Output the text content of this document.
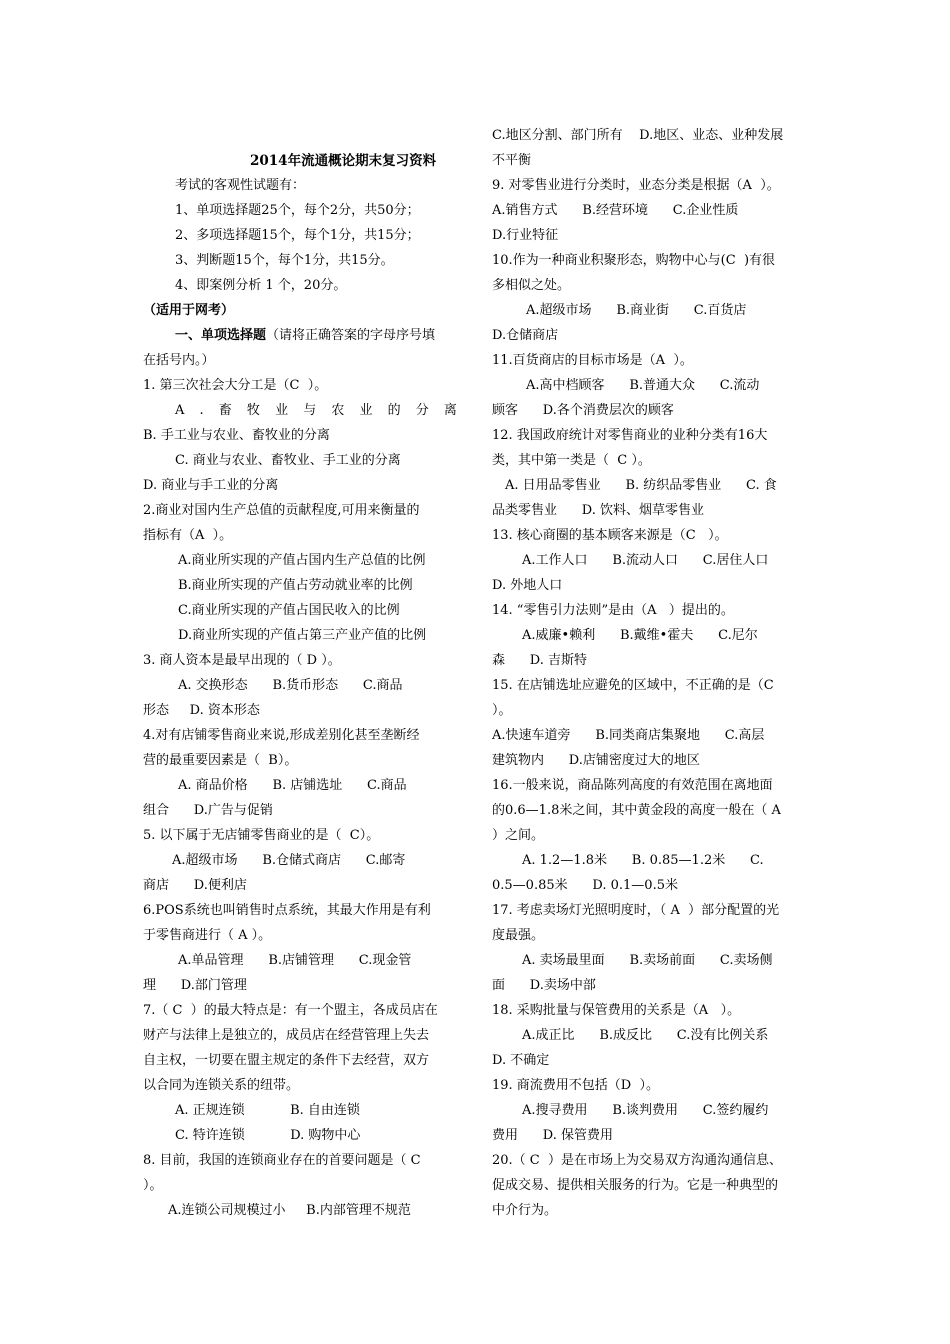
2014年流通概论期末复习资料
考试的客观性试题有：
1、单项选择题25个，每个2分，共50分；
2、多项选择题15个，每个1分，共15分；
3、判断题15个，每个1分，共15分。
4、即案例分析 1 个，20分。
（适用于网考）
一、单项选择题（请将正确答案的字母序号填
在括号内。）
1. 第三次社会大分工是（C  ）。
A . 畜 牧 业 与 农 业 的 分 离
B. 手工业与农业、畜牧业的分离
C. 商业与农业、畜牧业、手工业的分离
D. 商业与手工业的分离
2.商业对国内生产总值的贡献程度,可用来衡量的
指标有（A  ）。
A.商业所实现的产值占国内生产总值的比例
B.商业所实现的产值占劳动就业率的比例
C.商业所实现的产值占国民收入的比例
D.商业所实现的产值占第三产业产值的比例
3. 商人资本是最早出现的（ D ）。
A. 交换形态      B.货币形态      C.商品
形态     D. 资本形态
4.对有店铺零售商业来说,形成差别化甚至垄断经
营的最重要因素是（  B）。
A. 商品价格      B. 店铺选址      C.商品
组合      D.广告与促销
5. 以下属于无店铺零售商业的是（  C）。
A.超级市场      B.仓储式商店      C.邮寄
商店      D.便利店
6.POS系统也叫销售时点系统，其最大作用是有利
于零售商进行（ A ）。
A.单品管理      B.店铺管理      C.现金管
理      D.部门管理
7.（ C  ）的最大特点是：有一个盟主，各成员店在
财产与法律上是独立的，成员店在经营管理上失去
自主权，一切要在盟主规定的条件下去经营，双方
以合同为连锁关系的纽带。
A. 正规连锁           B. 自由连锁
C. 特许连锁           D. 购物中心
8. 目前，我国的连锁商业存在的首要问题是（ C
）。
A.连锁公司规模过小     B.内部管理不规范
C.地区分割、部门所有    D.地区、业态、业种发展
不平衡
9. 对零售业进行分类时，业态分类是根据（A  ）。
A.销售方式      B.经营环境      C.企业性质
D.行业特征
10.作为一种商业积聚形态，购物中心与(C  )有很
多相似之处。
A.超级市场      B.商业街      C.百货店
D.仓储商店
11.百货商店的目标市场是（A  ）。
A.高中档顾客      B.普通大众      C.流动
顾客      D.各个消费层次的顾客
12. 我国政府统计对零售商业的业种分类有16大
类，其中第一类是（  C ）。
A. 日用品零售业      B. 纺织品零售业      C. 食
品类零售业      D. 饮料、烟草零售业
13. 核心商圈的基本顾客来源是（C   ）。
A.工作人口      B.流动人口      C.居住人口
D. 外地人口
14. “零售引力法则”是由（A   ）提出的。
A.威廉•赖利      B.戴维•霍夫      C.尼尔
森      D. 吉斯特
15. 在店铺选址应避免的区域中，不正确的是（C
）。
A.快速车道旁      B.同类商店集聚地      C.高层
建筑物内      D.店铺密度过大的地区
16.一般来说，商品陈列高度的有效范围在离地面
的0.6—1.8米之间，其中黄金段的高度一般在（ A
）之间。
A. 1.2—1.8米      B. 0.85—1.2米      C.
0.5—0.85米      D. 0.1—0.5米
17. 考虑卖场灯光照明度时，（ A  ）部分配置的光
度最强。
A. 卖场最里面      B.卖场前面      C.卖场侧
面      D.卖场中部
18. 采购批量与保管费用的关系是（A   ）。
A.成正比      B.成反比      C.没有比例关系
D. 不确定
19. 商流费用不包括（D  ）。
A.搜寻费用      B.谈判费用      C.签约履约
费用      D. 保管费用
20.（ C  ）是在市场上为交易双方沟通沟通信息、
促成交易、提供相关服务的行为。它是一种典型的
中介行为。
